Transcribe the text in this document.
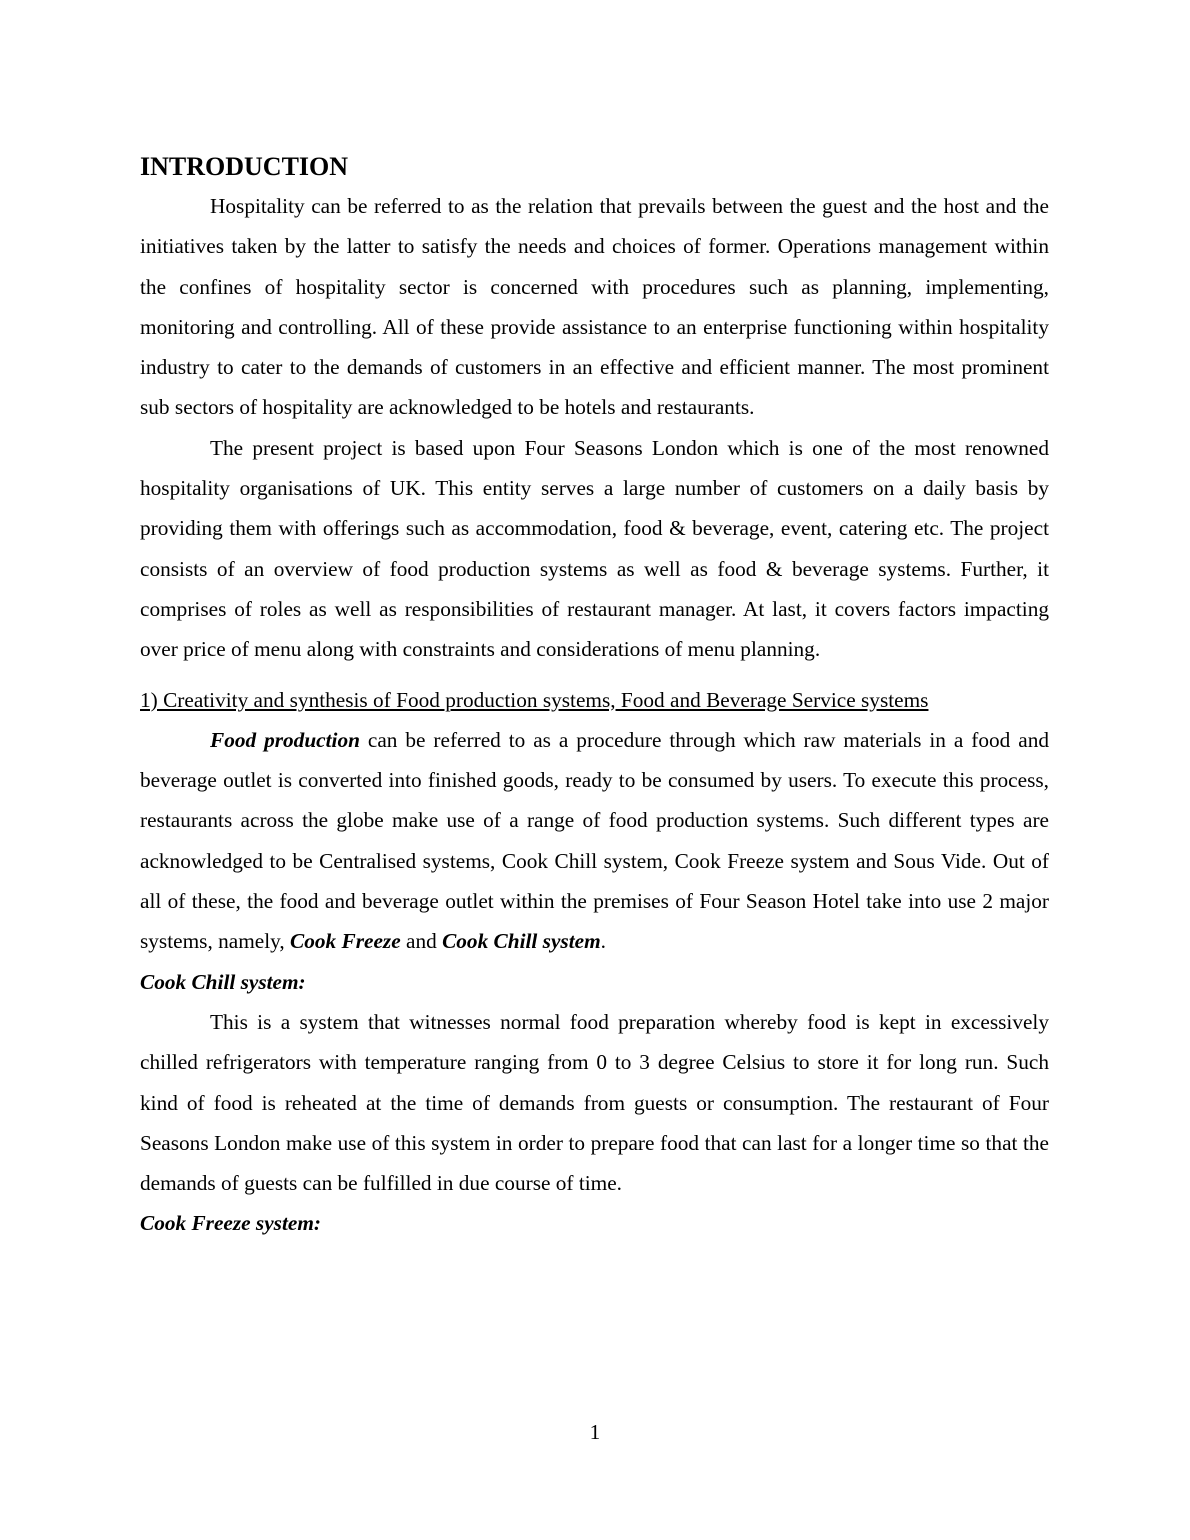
INTRODUCTION

Hospitality can be referred to as the relation that prevails between the guest and the host and the initiatives taken by the latter to satisfy the needs and choices of former. Operations management within the confines of hospitality sector is concerned with procedures such as planning, implementing, monitoring and controlling. All of these provide assistance to an enterprise functioning within hospitality industry to cater to the demands of customers in an effective and efficient manner. The most prominent sub sectors of hospitality are acknowledged to be hotels and restaurants.

The present project is based upon Four Seasons London which is one of the most renowned hospitality organisations of UK. This entity serves a large number of customers on a daily basis by providing them with offerings such as accommodation, food & beverage, event, catering etc. The project consists of an overview of food production systems as well as food & beverage systems. Further, it comprises of roles as well as responsibilities of restaurant manager. At last, it covers factors impacting over price of menu along with constraints and considerations of menu planning.

1) Creativity and synthesis of Food production systems, Food and Beverage Service systems

Food production can be referred to as a procedure through which raw materials in a food and beverage outlet is converted into finished goods, ready to be consumed by users. To execute this process, restaurants across the globe make use of a range of food production systems. Such different types are acknowledged to be Centralised systems, Cook Chill system, Cook Freeze system and Sous Vide. Out of all of these, the food and beverage outlet within the premises of Four Season Hotel take into use 2 major systems, namely, Cook Freeze and Cook Chill system.

Cook Chill system:

This is a system that witnesses normal food preparation whereby food is kept in excessively chilled refrigerators with temperature ranging from 0 to 3 degree Celsius to store it for long run. Such kind of food is reheated at the time of demands from guests or consumption. The restaurant of Four Seasons London make use of this system in order to prepare food that can last for a longer time so that the demands of guests can be fulfilled in due course of time.

Cook Freeze system:
1
